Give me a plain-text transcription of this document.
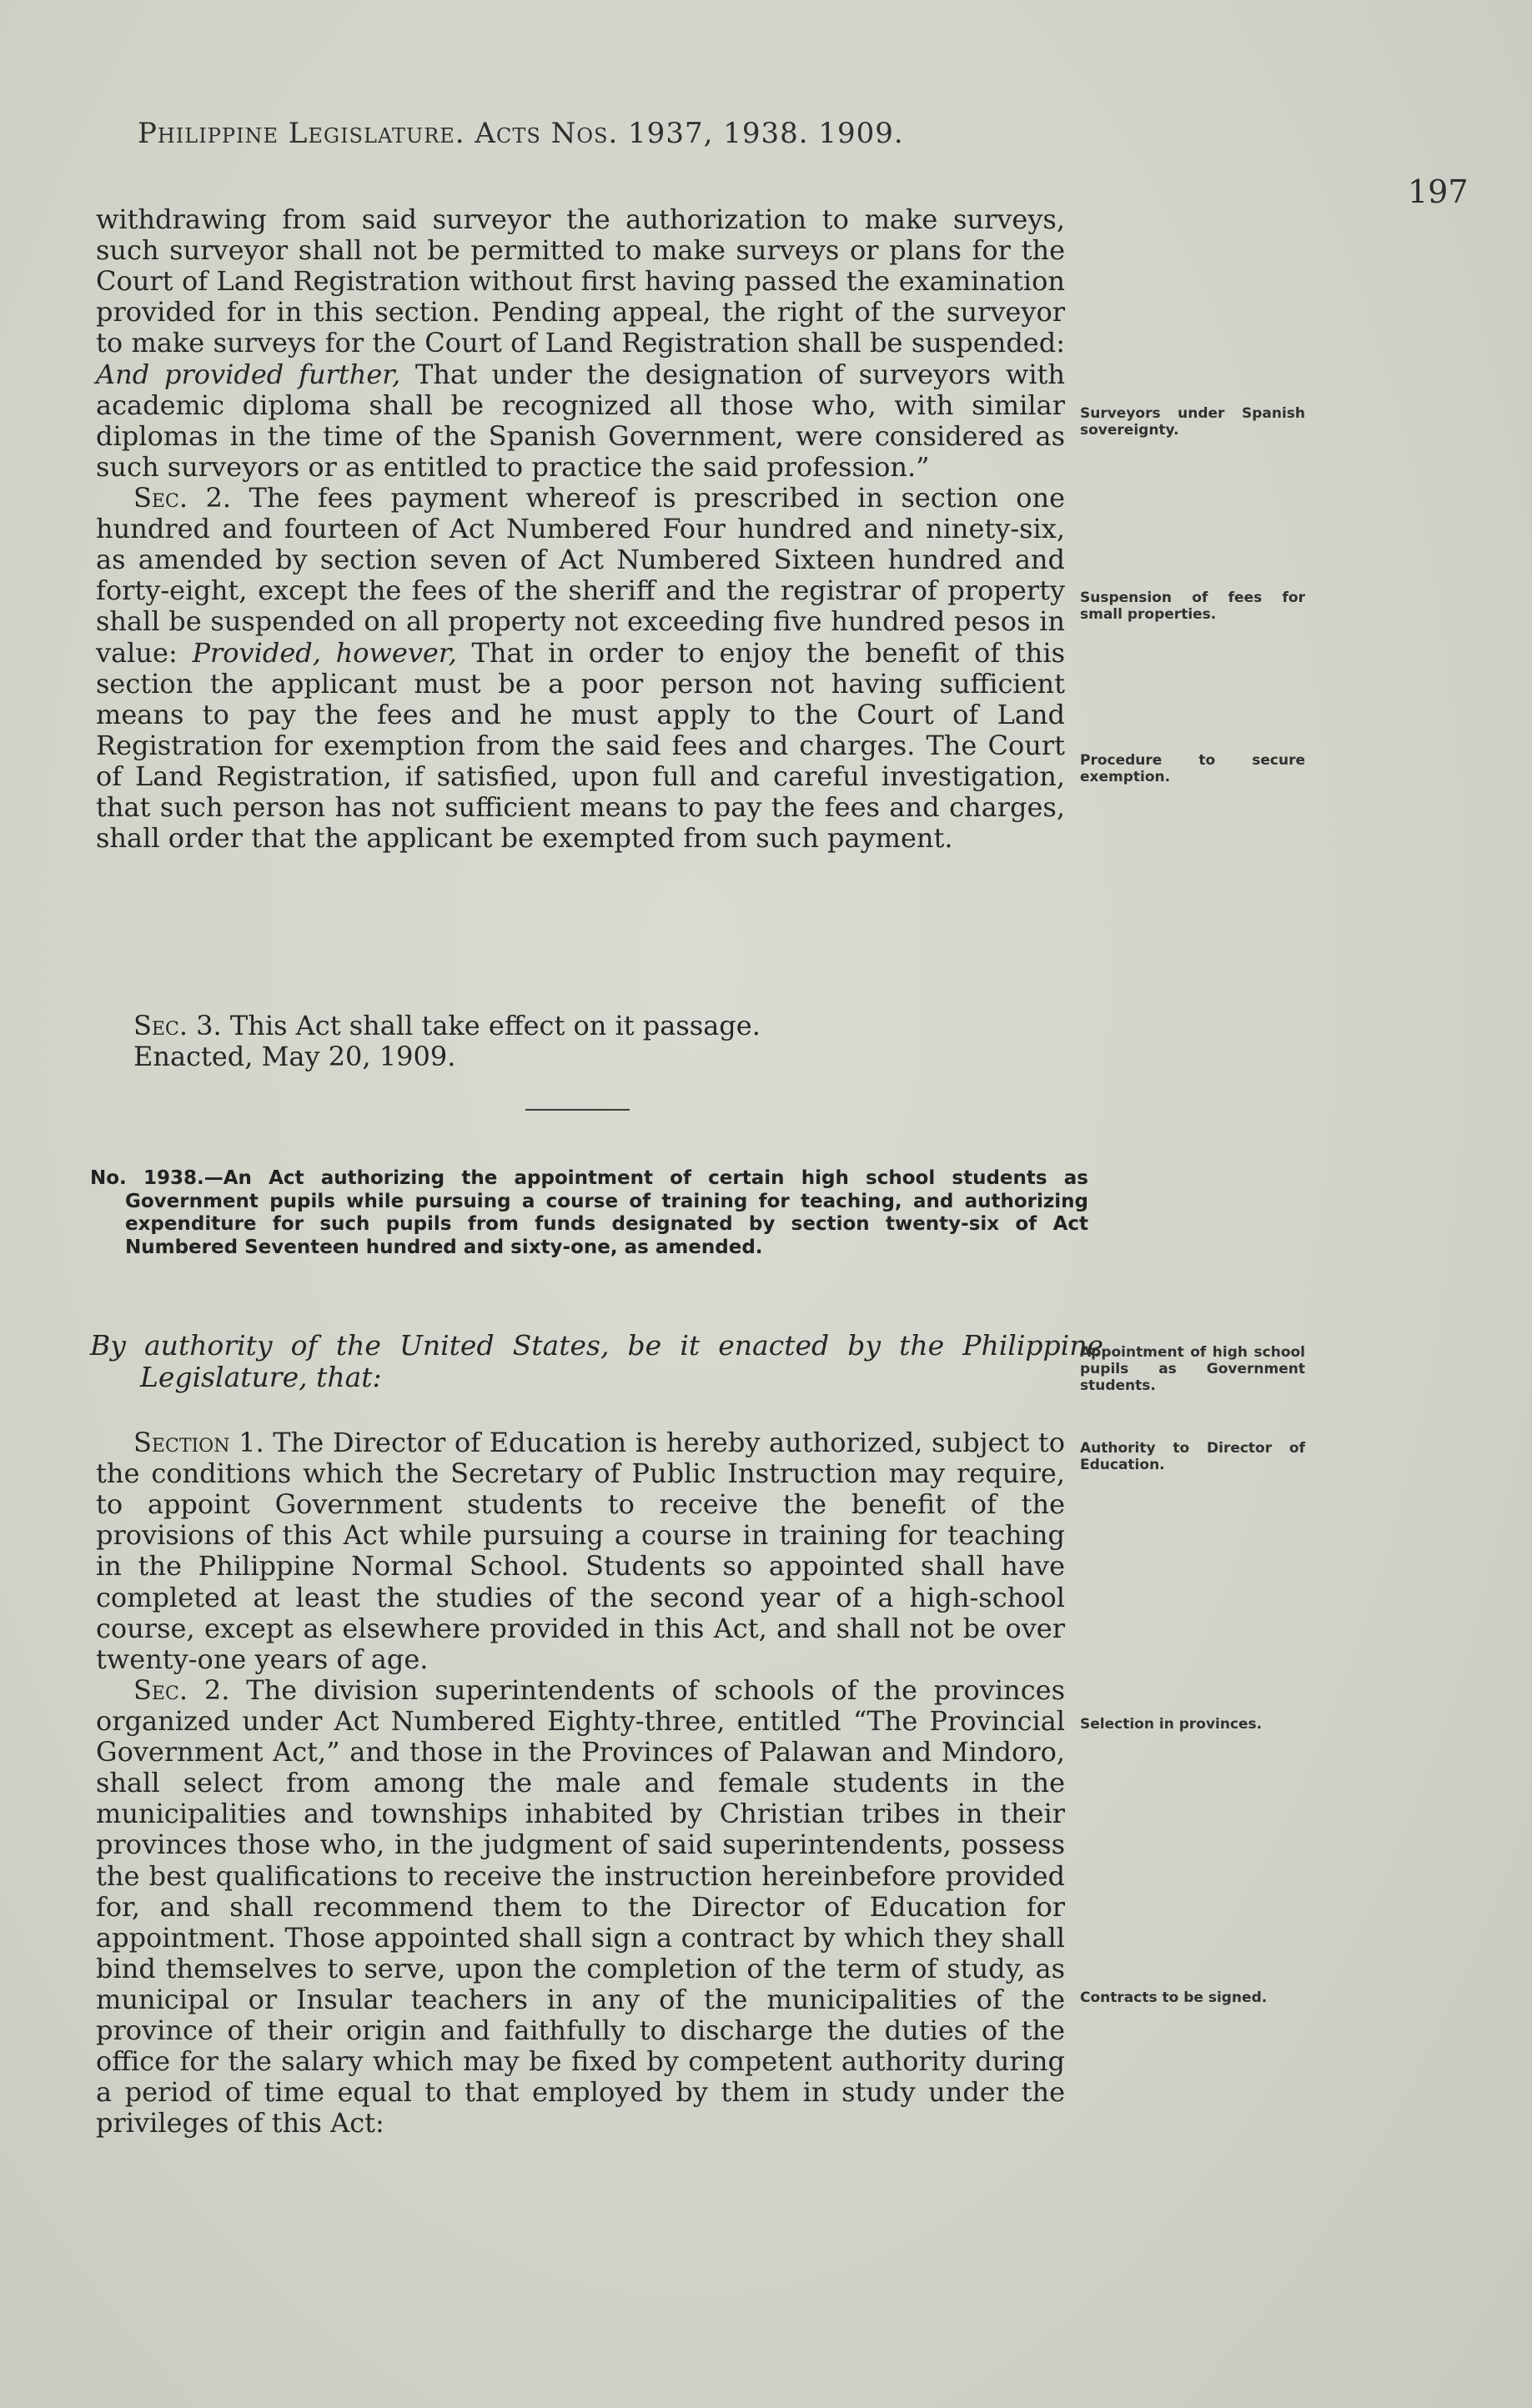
Philippine Legislature. Acts Nos. 1937, 1938. 1909.
197

withdrawing from said surveyor the authorization to make surveys, such surveyor shall not be permitted to make surveys or plans for the Court of Land Registration without first having passed the examination provided for in this section. Pending appeal, the right of the surveyor to make surveys for the Court of Land Registration shall be suspended: And provided further, That under the designation of surveyors with academic diploma shall be recognized all those who, with similar diplomas in the time of the Spanish Government, were considered as such surveyors or as entitled to practice the said profession.”

Sec. 2. The fees payment whereof is prescribed in section one hundred and fourteen of Act Numbered Four hundred and ninety-six, as amended by section seven of Act Numbered Sixteen hundred and forty-eight, except the fees of the sheriff and the registrar of property shall be suspended on all property not exceeding five hundred pesos in value: Provided, however, That in order to enjoy the benefit of this section the applicant must be a poor person not having sufficient means to pay the fees and he must apply to the Court of Land Registration for exemption from the said fees and charges. The Court of Land Registration, if satisfied, upon full and careful investigation, that such person has not sufficient means to pay the fees and charges, shall order that the applicant be exempted from such payment.

Sec. 3. This Act shall take effect on it passage.

Enacted, May 20, 1909.

No. 1938.—An Act authorizing the appointment of certain high school students as Government pupils while pursuing a course of training for teaching, and authorizing expenditure for such pupils from funds designated by section twenty-six of Act Numbered Seventeen hundred and sixty-one, as amended.
By authority of the United States, be it enacted by the Philippine Legislature, that:

Section 1. The Director of Education is hereby authorized, subject to the conditions which the Secretary of Public Instruction may require, to appoint Government students to receive the benefit of the provisions of this Act while pursuing a course in training for teaching in the Philippine Normal School. Students so appointed shall have completed at least the studies of the second year of a high-school course, except as elsewhere provided in this Act, and shall not be over twenty-one years of age.

Sec. 2. The division superintendents of schools of the provinces organized under Act Numbered Eighty-three, entitled “The Provincial Government Act,” and those in the Provinces of Palawan and Mindoro, shall select from among the male and female students in the municipalities and townships inhabited by Christian tribes in their provinces those who, in the judgment of said superintendents, possess the best qualifications to receive the instruction hereinbefore provided for, and shall recommend them to the Director of Education for appointment. Those appointed shall sign a contract by which they shall bind themselves to serve, upon the completion of the term of study, as municipal or Insular teachers in any of the municipalities of the province of their origin and faithfully to discharge the duties of the office for the salary which may be fixed by competent authority during a period of time equal to that employed by them in study under the privileges of this Act:

Surveyors under Spanish sovereignty.
Suspension of fees for small properties.
Procedure to secure exemption.
Appointment of high school pupils as Government students.
Authority to Director of Education.
Selection in provinces.
Contracts to be signed.
